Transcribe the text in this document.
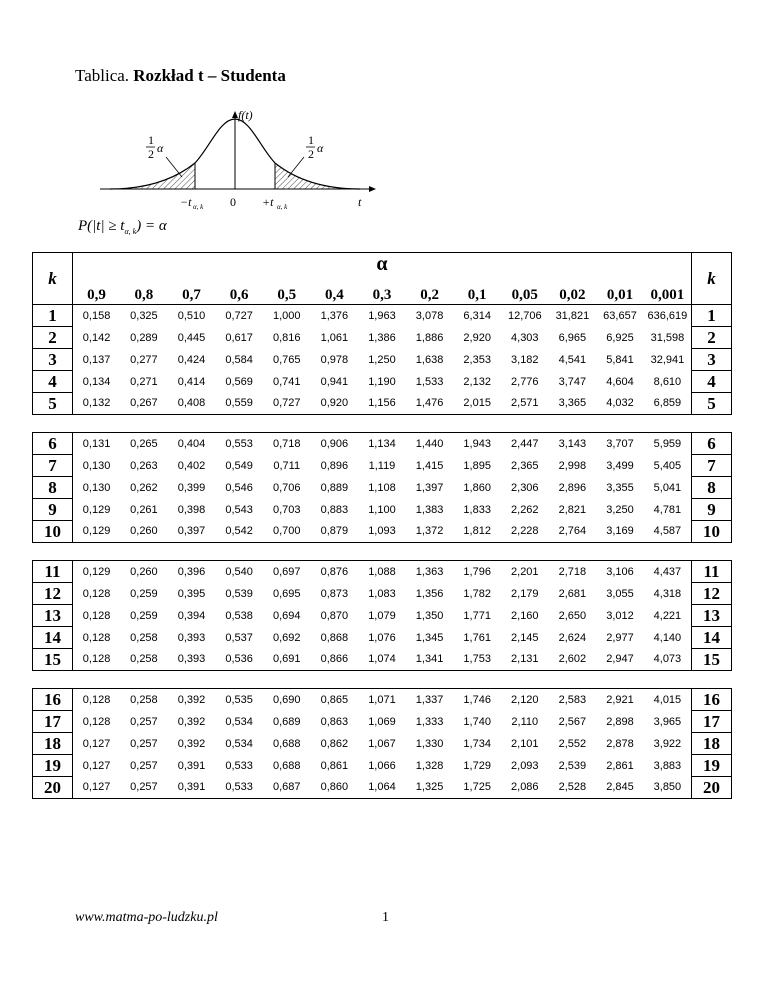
Tablica. Rozkład t – Studenta
f(t)
1
2 α
1
2 α
−t α, k 0 +t α, k	t
$P(|t| \ge t_{\alpha, k}) = \alpha$
k	α													k
	0,9	0,8	0,7	0,6	0,5	0,4	0,3	0,2	0,1	0,05	0,02	0,01	0,001	
1	0,158	0,325	0,510	0,727	1,000	1,376	1,963	3,078	6,314	12,706	31,821	63,657	636,619	1
2	0,142	0,289	0,445	0,617	0,816	1,061	1,386	1,886	2,920	4,303	6,965	6,925	31,598	2
3	0,137	0,277	0,424	0,584	0,765	0,978	1,250	1,638	2,353	3,182	4,541	5,841	32,941	3
4	0,134	0,271	0,414	0,569	0,741	0,941	1,190	1,533	2,132	2,776	3,747	4,604	8,610	4
5	0,132	0,267	0,408	0,559	0,727	0,920	1,156	1,476	2,015	2,571	3,365	4,032	6,859	5

6	0,131	0,265	0,404	0,553	0,718	0,906	1,134	1,440	1,943	2,447	3,143	3,707	5,959	6
7	0,130	0,263	0,402	0,549	0,711	0,896	1,119	1,415	1,895	2,365	2,998	3,499	5,405	7
8	0,130	0,262	0,399	0,546	0,706	0,889	1,108	1,397	1,860	2,306	2,896	3,355	5,041	8
9	0,129	0,261	0,398	0,543	0,703	0,883	1,100	1,383	1,833	2,262	2,821	3,250	4,781	9
10	0,129	0,260	0,397	0,542	0,700	0,879	1,093	1,372	1,812	2,228	2,764	3,169	4,587	10

11	0,129	0,260	0,396	0,540	0,697	0,876	1,088	1,363	1,796	2,201	2,718	3,106	4,437	11
12	0,128	0,259	0,395	0,539	0,695	0,873	1,083	1,356	1,782	2,179	2,681	3,055	4,318	12
13	0,128	0,259	0,394	0,538	0,694	0,870	1,079	1,350	1,771	2,160	2,650	3,012	4,221	13
14	0,128	0,258	0,393	0,537	0,692	0,868	1,076	1,345	1,761	2,145	2,624	2,977	4,140	14
15	0,128	0,258	0,393	0,536	0,691	0,866	1,074	1,341	1,753	2,131	2,602	2,947	4,073	15

16	0,128	0,258	0,392	0,535	0,690	0,865	1,071	1,337	1,746	2,120	2,583	2,921	4,015	16
17	0,128	0,257	0,392	0,534	0,689	0,863	1,069	1,333	1,740	2,110	2,567	2,898	3,965	17
18	0,127	0,257	0,392	0,534	0,688	0,862	1,067	1,330	1,734	2,101	2,552	2,878	3,922	18
19	0,127	0,257	0,391	0,533	0,688	0,861	1,066	1,328	1,729	2,093	2,539	2,861	3,883	19
20	0,127	0,257	0,391	0,533	0,687	0,860	1,064	1,325	1,725	2,086	2,528	2,845	3,850	20
www.matma-po-ludzku.pl	1
